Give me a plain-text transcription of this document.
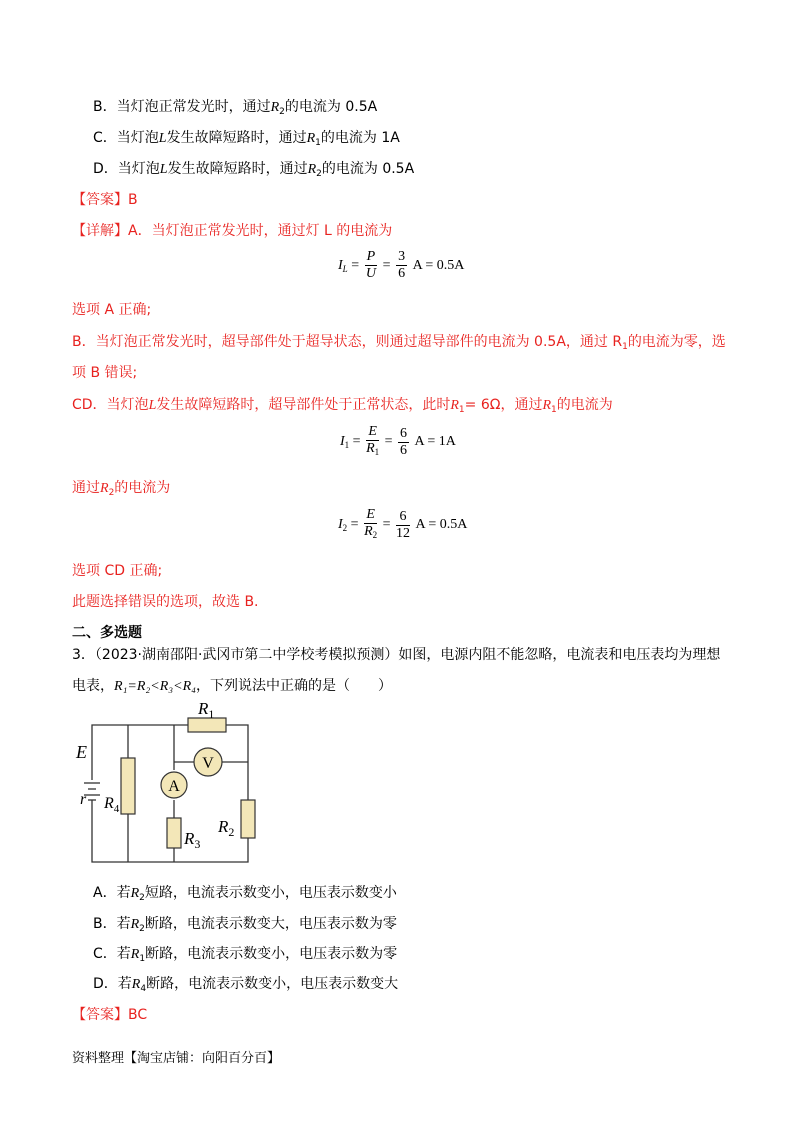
B．当灯泡正常发光时，通过$R_2$的电流为 0.5A
C．当灯泡L发生故障短路时，通过$R_1$的电流为 1A
D．当灯泡L发生故障短路时，通过$R_2$的电流为 0.5A
【答案】B
【详解】A．当灯泡正常发光时，通过灯 L 的电流为
$I_L = \frac{P}{U} = \frac{3}{6}$ A = 0.5A
选项 A 正确;
B．当灯泡正常发光时，超导部件处于超导状态，则通过超导部件的电流为 0.5A，通过 $R_1$的电流为零，选
项 B 错误;
CD．当灯泡L发生故障短路时，超导部件处于正常状态，此时$R_1= 6\Omega$，通过$R_1$的电流为
$I_1 = \frac{E}{R_1} = \frac{6}{6}$ A = 1A
通过$R_2$的电流为
$I_2 = \frac{E}{R_2} = \frac{6}{12}$ A = 0.5A
选项 CD 正确;
此题选择错误的选项，故选 B.
二、多选题
3．（2023·湖南邵阳·武冈市第二中学校考模拟预测）如图，电源内阻不能忽略，电流表和电压表均为理想
电表，R₁=R₂<R₃<R₄，下列说法中正确的是（　　）
A
V
E
r
$R_1$
$R_4$
$R_3$
$R_2$
A．若$R_2$短路，电流表示数变小，电压表示数变小
B．若$R_2$断路，电流表示数变大，电压表示数为零
C．若$R_1$断路，电流表示数变小，电压表示数为零
D．若$R_4$断路，电流表示数变小，电压表示数变大
【答案】BC
资料整理【淘宝店铺：向阳百分百】
